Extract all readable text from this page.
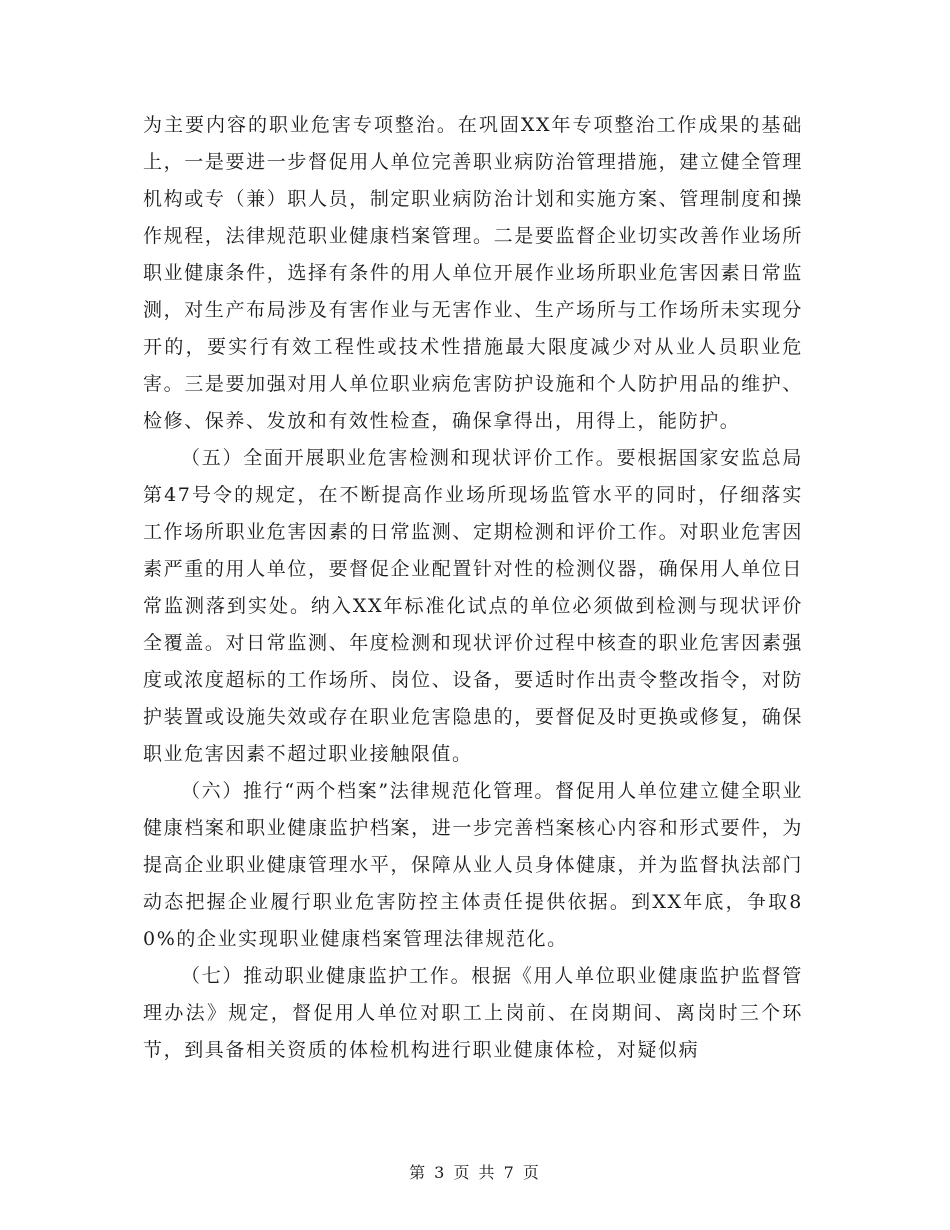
为主要内容的职业危害专项整治。在巩固XX年专项整治工作成果的基础上，一是要进一步督促用人单位完善职业病防治管理措施，建立健全管理机构或专（兼）职人员，制定职业病防治计划和实施方案、管理制度和操作规程，法律规范职业健康档案管理。二是要监督企业切实改善作业场所职业健康条件，选择有条件的用人单位开展作业场所职业危害因素日常监测，对生产布局涉及有害作业与无害作业、生产场所与工作场所未实现分开的，要实行有效工程性或技术性措施最大限度减少对从业人员职业危害。三是要加强对用人单位职业病危害防护设施和个人防护用品的维护、检修、保养、发放和有效性检查，确保拿得出，用得上，能防护。

（五）全面开展职业危害检测和现状评价工作。要根据国家安监总局第47号令的规定，在不断提高作业场所现场监管水平的同时，仔细落实工作场所职业危害因素的日常监测、定期检测和评价工作。对职业危害因素严重的用人单位，要督促企业配置针对性的检测仪器，确保用人单位日常监测落到实处。纳入XX年标准化试点的单位必须做到检测与现状评价全覆盖。对日常监测、年度检测和现状评价过程中核查的职业危害因素强度或浓度超标的工作场所、岗位、设备，要适时作出责令整改指令，对防护装置或设施失效或存在职业危害隐患的，要督促及时更换或修复，确保职业危害因素不超过职业接触限值。

（六）推行“两个档案”法律规范化管理。督促用人单位建立健全职业健康档案和职业健康监护档案，进一步完善档案核心内容和形式要件，为提高企业职业健康管理水平，保障从业人员身体健康，并为监督执法部门动态把握企业履行职业危害防控主体责任提供依据。到XX年底，争取80%的企业实现职业健康档案管理法律规范化。

（七）推动职业健康监护工作。根据《用人单位职业健康监护监督管理办法》规定，督促用人单位对职工上岗前、在岗期间、离岗时三个环节，到具备相关资质的体检机构进行职业健康体检，对疑似病

第 3 页 共 7 页
